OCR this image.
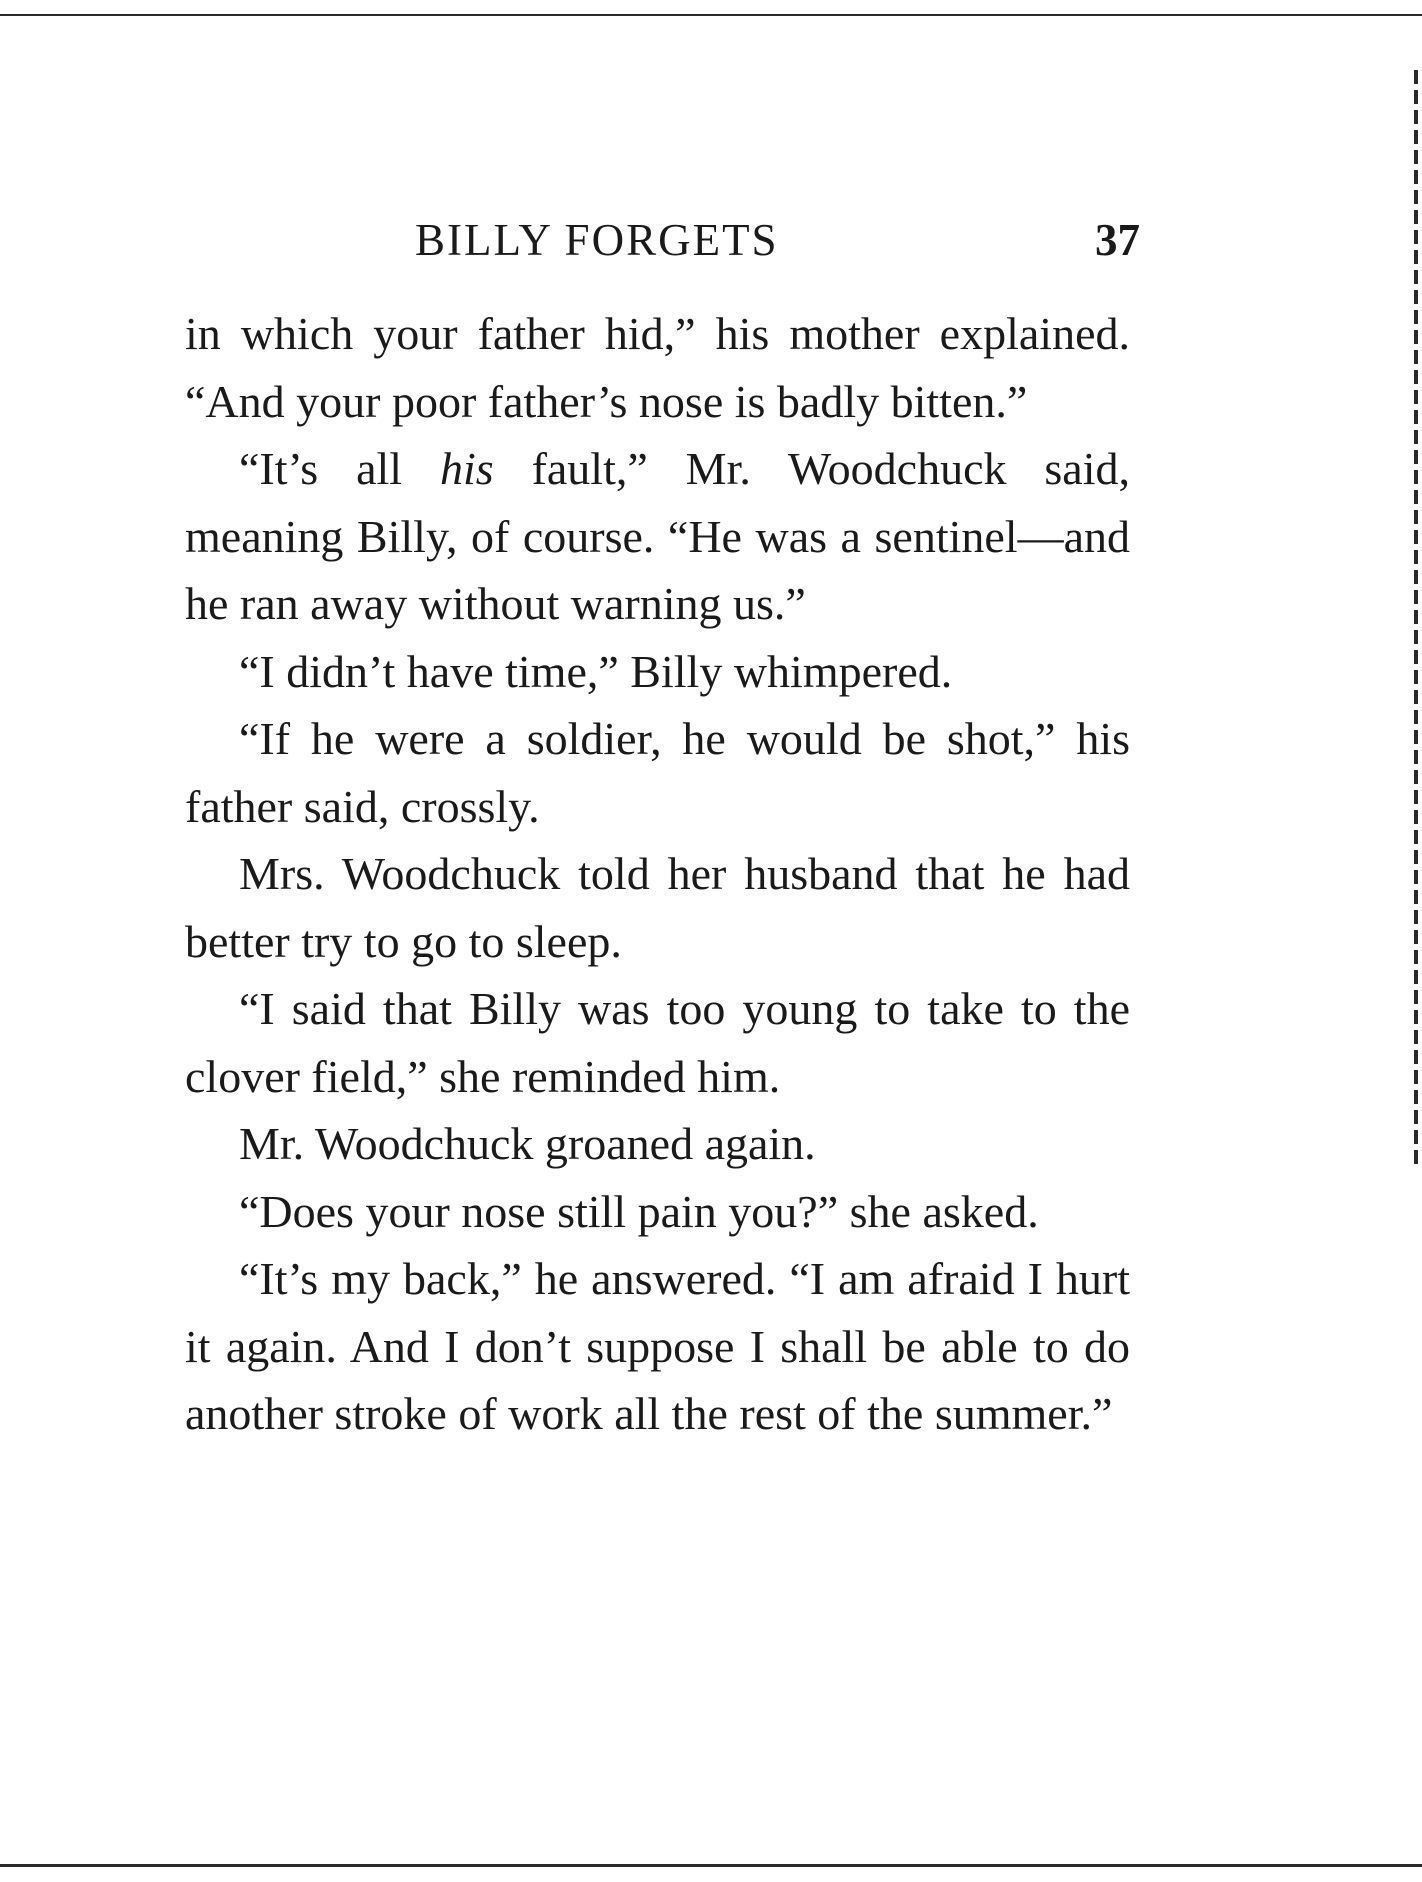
BILLY FORGETS	37

in which your father hid,” his mother explained. “And your poor father’s nose is badly bitten.”

“It’s all his fault,” Mr. Woodchuck said, meaning Billy, of course. “He was a sentinel—and he ran away without warning us.”

“I didn’t have time,” Billy whimpered.

“If he were a soldier, he would be shot,” his father said, crossly.

Mrs. Woodchuck told her husband that he had better try to go to sleep.

“I said that Billy was too young to take to the clover field,” she reminded him.

Mr. Woodchuck groaned again.

“Does your nose still pain you?” she asked.

“It’s my back,” he answered. “I am afraid I hurt it again. And I don’t suppose I shall be able to do another stroke of work all the rest of the summer.”
